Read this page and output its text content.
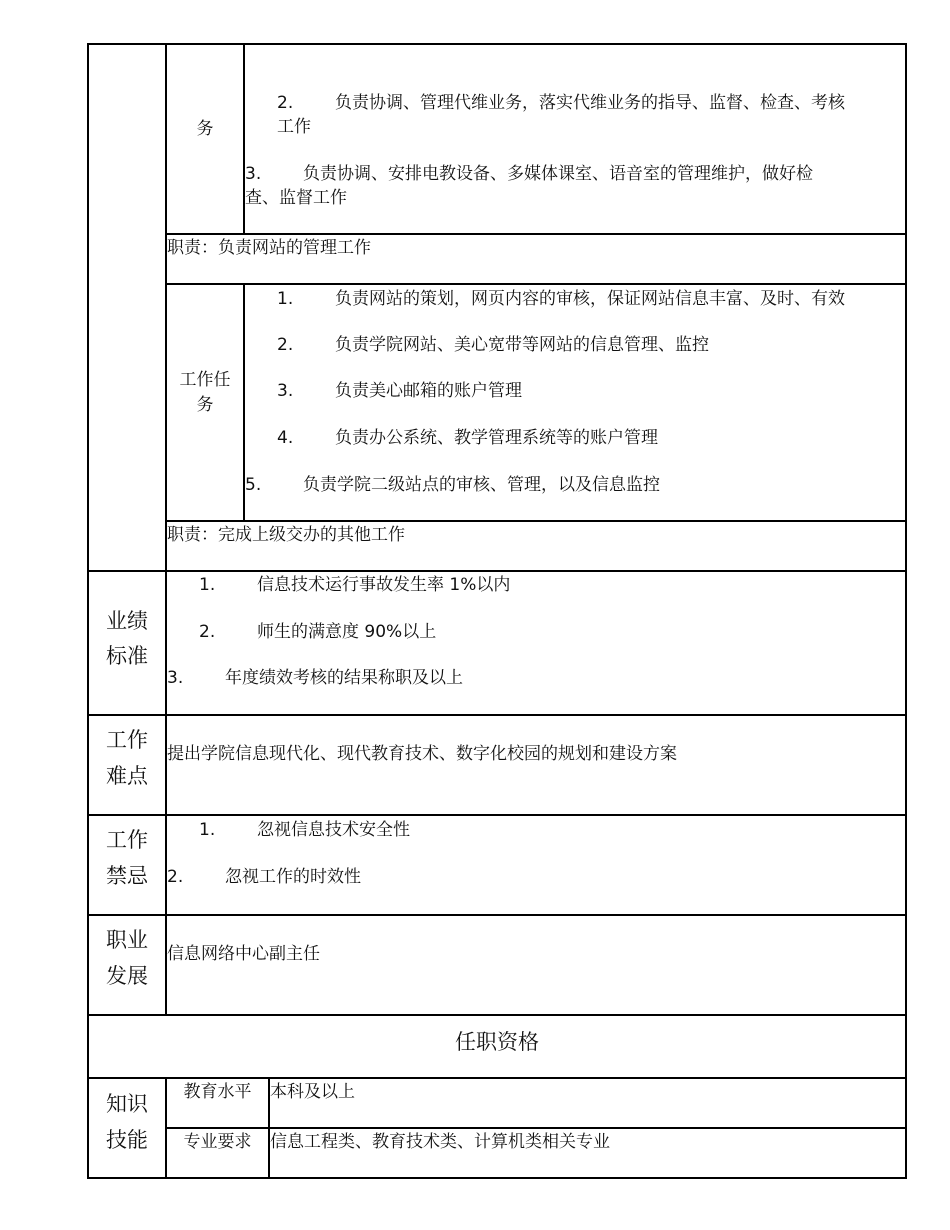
务
2. 负责协调、管理代维业务，落实代维业务的指导、监督、检查、考核
工作
3. 负责协调、安排电教设备、多媒体课室、语音室的管理维护，做好检
查、监督工作
职责：负责网站的管理工作
工作任
务
1. 负责网站的策划，网页内容的审核，保证网站信息丰富、及时、有效
2. 负责学院网站、美心宽带等网站的信息管理、监控
3. 负责美心邮箱的账户管理
4. 负责办公系统、教学管理系统等的账户管理
5. 负责学院二级站点的审核、管理，以及信息监控
职责：完成上级交办的其他工作
业绩
标准
1. 信息技术运行事故发生率 1%以内
2. 师生的满意度 90%以上
3. 年度绩效考核的结果称职及以上
工作
难点
提出学院信息现代化、现代教育技术、数字化校园的规划和建设方案
工作
禁忌
1. 忽视信息技术安全性
2. 忽视工作的时效性
职业
发展
信息网络中心副主任
任职资格
知识
技能
教育水平	本科及以上
专业要求	信息工程类、教育技术类、计算机类相关专业
